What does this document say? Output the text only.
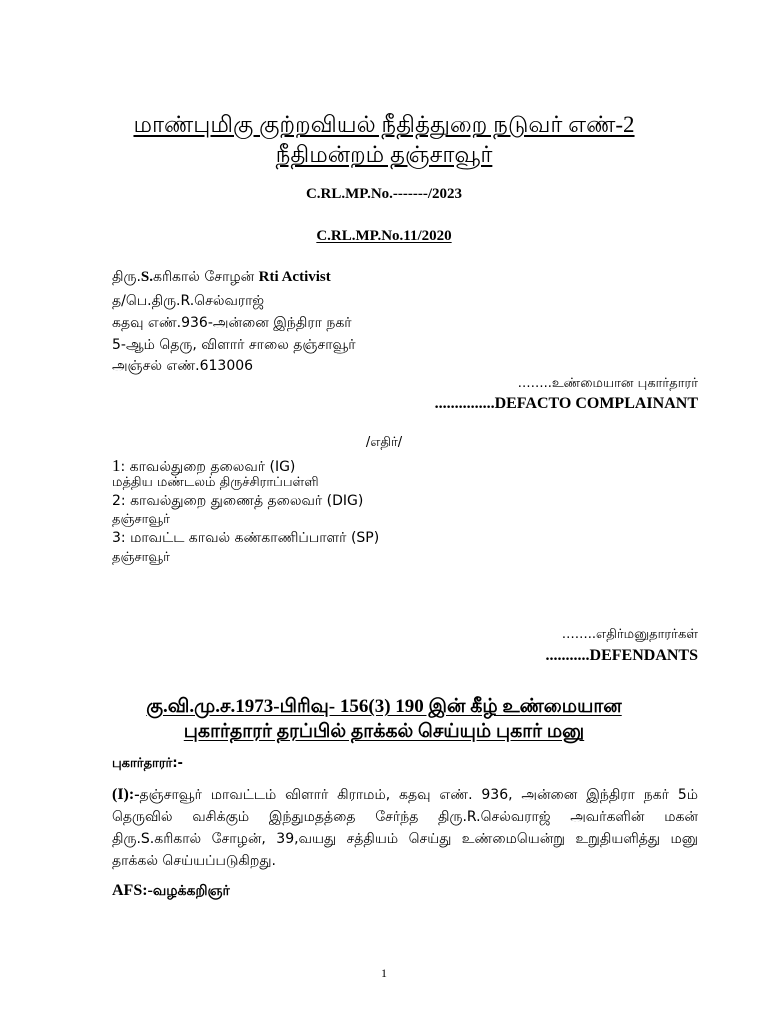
மாண்புமிகு குற்றவியல் நீதித்துறை நடுவர் எண்-2
நீதிமன்றம் தஞ்சாவூர்
C.RL.MP.No.-------/2023
C.RL.MP.No.11/2020
திரு.S.கரிகால் சோழன் Rti Activist
த/பெ.திரு.R.செல்வராஜ்
கதவு எண்.936-அன்னை இந்திரா நகர்
5-ஆம் தெரு, விளார் சாலை தஞ்சாவூர்
அஞ்சல் எண்.613006
……..உண்மையான புகார்தாரர்
...............DEFACTO COMPLAINANT
/எதிர்/
1: காவல்துறை தலைவர் (IG)
மத்திய மண்டலம் திருச்சிராப்பள்ளி
2: காவல்துறை துணைத் தலைவர் (DIG)
தஞ்சாவூர்
3: மாவட்ட காவல் கண்காணிப்பாளர் (SP)
தஞ்சாவூர்
……..எதிர்மனுதாரர்கள்
...........DEFENDANTS
கு.வி.மு.ச.1973-பிரிவு- 156(3) 190 இன் கீழ் உண்மையான
புகார்தாரர் தரப்பில் தாக்கல் செய்யும் புகார் மனு
புகார்தாரர்:-
(I):-தஞ்சாவூர் மாவட்டம் விளார் கிராமம், கதவு எண். 936, அன்னை இந்திரா நகர் 5ம் தெருவில் வசிக்கும் இந்துமதத்தை சேர்ந்த திரு.R.செல்வராஜ் அவர்களின் மகன் திரு.S.கரிகால் சோழன், 39,வயது சத்தியம் செய்து உண்மையென்று உறுதியளித்து மனு தாக்கல் செய்யப்படுகிறது.
AFS:-வழக்கறிஞர்
1
